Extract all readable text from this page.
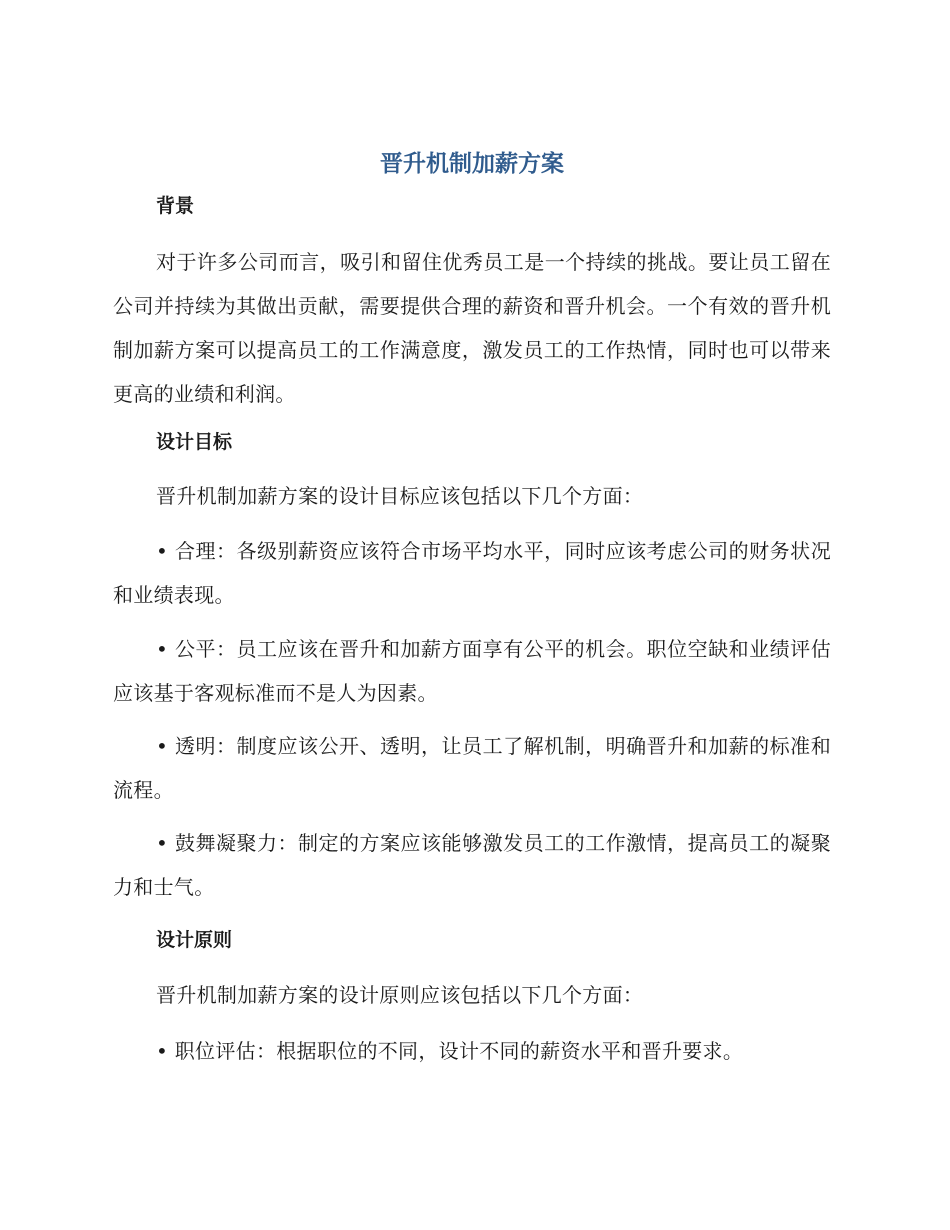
晋升机制加薪方案
背景

对于许多公司而言，吸引和留住优秀员工是一个持续的挑战。要让员工留在公司并持续为其做出贡献，需要提供合理的薪资和晋升机会。一个有效的晋升机制加薪方案可以提高员工的工作满意度，激发员工的工作热情，同时也可以带来更高的业绩和利润。

设计目标

晋升机制加薪方案的设计目标应该包括以下几个方面：

• 合理：各级别薪资应该符合市场平均水平，同时应该考虑公司的财务状况和业绩表现。

• 公平：员工应该在晋升和加薪方面享有公平的机会。职位空缺和业绩评估应该基于客观标准而不是人为因素。

• 透明：制度应该公开、透明，让员工了解机制，明确晋升和加薪的标准和流程。

• 鼓舞凝聚力：制定的方案应该能够激发员工的工作激情，提高员工的凝聚力和士气。

设计原则

晋升机制加薪方案的设计原则应该包括以下几个方面：

• 职位评估：根据职位的不同，设计不同的薪资水平和晋升要求。
